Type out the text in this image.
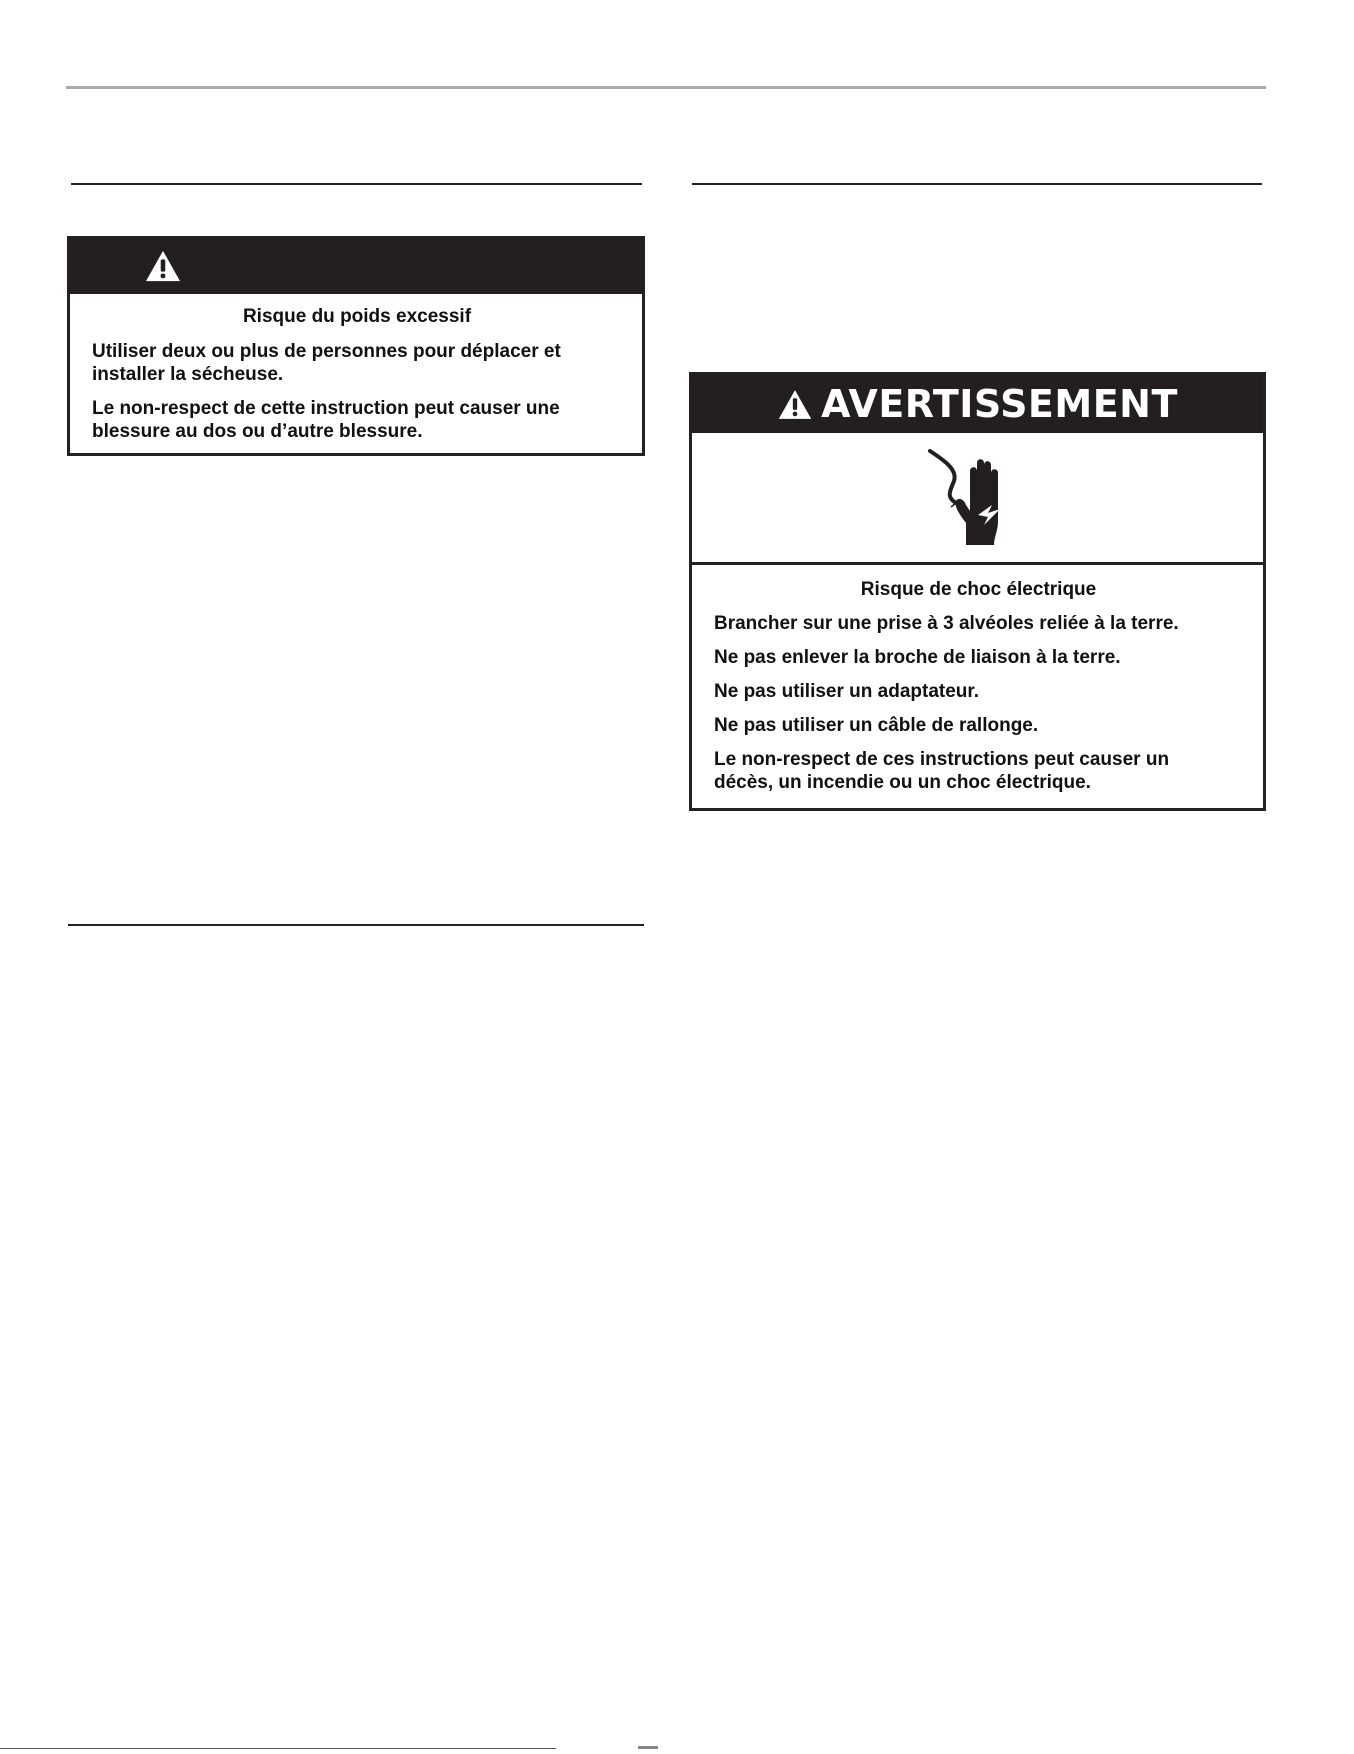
Risque du poids excessif

Utiliser deux ou plus de personnes pour déplacer et installer la sécheuse.

Le non-respect de cette instruction peut causer une blessure au dos ou d’autre blessure.

AVERTISSEMENT

Risque de choc électrique

Brancher sur une prise à 3 alvéoles reliée à la terre.

Ne pas enlever la broche de liaison à la terre.

Ne pas utiliser un adaptateur.

Ne pas utiliser un câble de rallonge.

Le non-respect de ces instructions peut causer un décès, un incendie ou un choc électrique.
